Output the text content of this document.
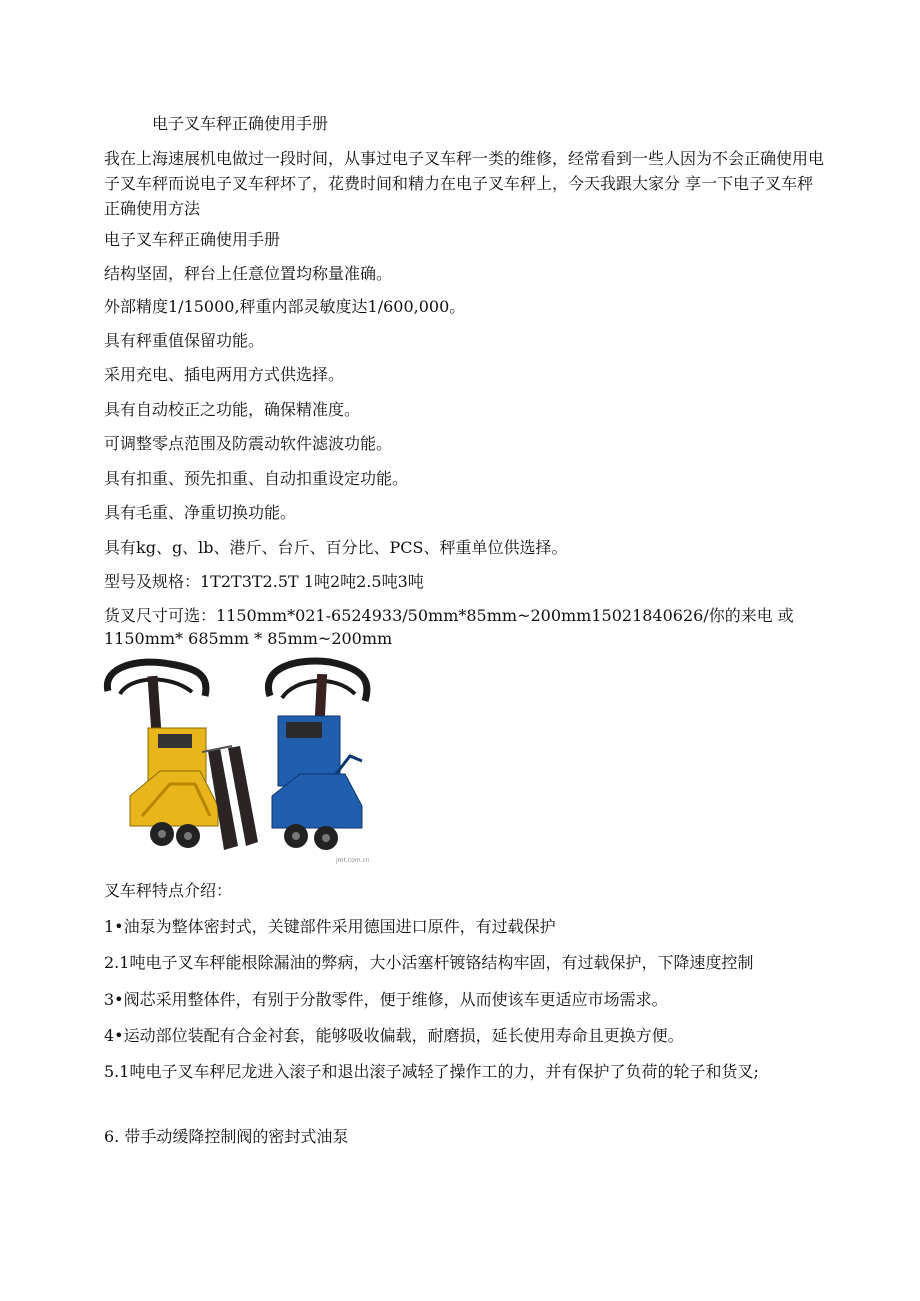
电子叉车秤正确使用手册

我在上海速展机电做过一段时间，从事过电子叉车秤一类的维修，经常看到一些人因为不会正确使用电子叉车秤而说电子叉车秤坏了，花费时间和精力在电子叉车秤上，今天我跟大家分 享一下电子叉车秤正确使用方法

电子叉车秤正确使用手册

结构坚固，秤台上任意位置均称量准确。

外部精度1/15000,秤重内部灵敏度达1/600,000。

具有秤重值保留功能。

采用充电、插电两用方式供选择。

具有自动校正之功能，确保精准度。

可调整零点范围及防震动软件滤波功能。

具有扣重、预先扣重、自动扣重设定功能。

具有毛重、净重切换功能。

具有kg、g、lb、港斤、台斤、百分比、PCS、秤重单位供选择。

型号及规格：1T2T3T2.5T 1吨2吨2.5吨3吨

货叉尺寸可选：1150mm*021-6524933/50mm*85mm~200mm15021840626/你的来电 或 1150mm* 685mm * 85mm~200mm

jmt.com.cn

叉车秤特点介绍：

1•油泵为整体密封式，关键部件采用德国进口原件，有过载保护

2.1吨电子叉车秤能根除漏油的弊病，大小活塞杆镀铬结构牢固，有过载保护，下降速度控制

3•阀芯采用整体件，有别于分散零件，便于维修，从而使该车更适应市场需求。

4•运动部位装配有合金衬套，能够吸收偏载，耐磨损，延长使用寿命且更换方便。

5.1吨电子叉车秤尼龙进入滚子和退出滚子减轻了操作工的力，并有保护了负荷的轮子和货叉;

6. 带手动缓降控制阀的密封式油泵
